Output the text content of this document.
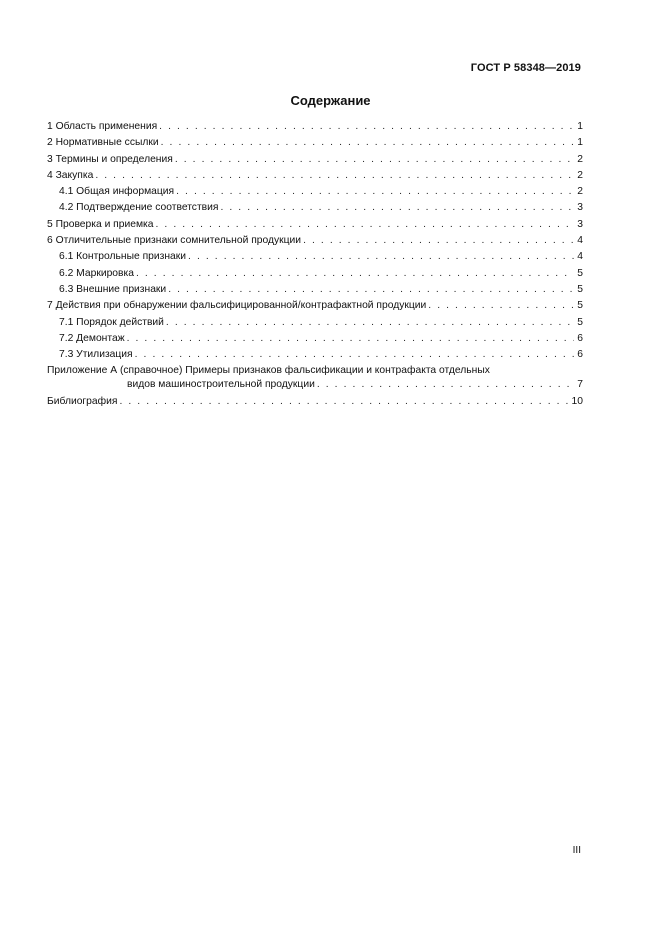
ГОСТ Р 58348—2019
Содержание
1 Область применения . . .	1
2 Нормативные ссылки . . .	1
3 Термины и определения . . .	2
4 Закупка . . .	2
4.1 Общая информация . . .	2
4.2 Подтверждение соответствия . . .	3
5 Проверка и приемка . . .	3
6 Отличительные признаки сомнительной продукции . . .	4
6.1 Контрольные признаки . . .	4
6.2 Маркировка . . .	5
6.3 Внешние признаки . . .	5
7 Действия при обнаружении фальсифицированной/контрафактной продукции . . .	5
7.1 Порядок действий . . .	5
7.2 Демонтаж . . .	6
7.3 Утилизация . . .	6
Приложение А (справочное) Примеры признаков фальсификации и контрафакта отдельных
видов машиностроительной продукции . . .	7
Библиография . . .	10
III
